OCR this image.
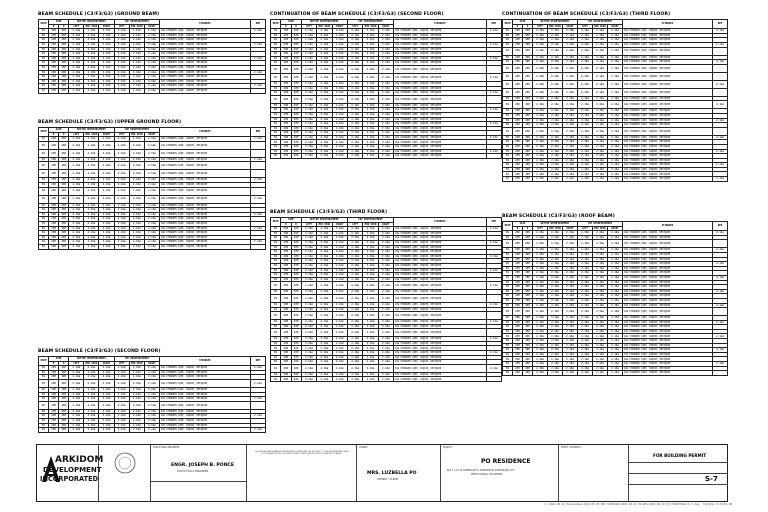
BEAM SCHEDULE (C3/F3/G3) (GROUND BEAM)
BEAM	SIZE		BOTTOM REINFORCEMENT			TOP REINFORCEMENT			STIRRUPS	REM
	B	D	LEFT	MID SPAN	RIGHT	LEFT	MID SPAN	RIGHT		
B1	200	400	2-16ø	2-16ø	2-16ø	2-16ø	2-16ø	2-16ø	10ø STIRRUPS 1@50, 10@100, REST@200	2-12ø
B1	200	400	2-16ø	2-16ø	2-16ø	2-16ø	2-16ø	2-16ø	10ø STIRRUPS 1@50, 10@100, REST@200	
B1	200	400	2-16ø	2-16ø	2-16ø	2-16ø	2-16ø	2-16ø	10ø STIRRUPS 1@50, 10@100, REST@200	
B1	200	400	2-16ø	2-16ø	2-16ø	2-16ø	2-16ø	2-16ø	10ø STIRRUPS 1@50, 10@100, REST@200	2-12ø
B1	200	400	2-16ø	2-16ø	2-16ø	2-16ø	2-16ø	2-16ø	10ø STIRRUPS 1@50, 10@100, REST@200	
B1	200	400	2-16ø	2-16ø	2-16ø	2-16ø	2-16ø	2-16ø	10ø STIRRUPS 1@50, 10@100, REST@200	
B1	200	400	2-16ø	2-16ø	2-16ø	2-16ø	2-16ø	2-16ø	10ø STIRRUPS 1@50, 10@100, REST@200	2-12ø
B1	200	400	2-16ø	2-16ø	2-16ø	2-16ø	2-16ø	2-16ø	10ø STIRRUPS 1@50, 10@100, REST@200	
B1	200	400	2-16ø	2-16ø	2-16ø	2-16ø	2-16ø	2-16ø	10ø STIRRUPS 1@50, 10@100, REST@200	
B1	200	400	2-16ø	2-16ø	2-16ø	2-16ø	2-16ø	2-16ø	10ø STIRRUPS 1@50, 10@100, REST@200	2-12ø
B1	200	400	2-16ø	2-16ø	2-16ø	2-16ø	2-16ø	2-16ø	10ø STIRRUPS 1@50, 10@100, REST@200	
B1	200	400	2-16ø	2-16ø	2-16ø	2-16ø	2-16ø	2-16ø	10ø STIRRUPS 1@50, 10@100, REST@200	
B1	200	400	2-16ø	2-16ø	2-16ø	2-16ø	2-16ø	2-16ø	10ø STIRRUPS 1@50, 10@100, REST@200	2-12ø
B1	200	400	2-16ø	2-16ø	2-16ø	2-16ø	2-16ø	2-16ø	10ø STIRRUPS 1@50, 10@100, REST@200	
BEAM SCHEDULE (C3/F3/G3) (UPPER GROUND FLOOR)
BEAM	SIZE		BOTTOM REINFORCEMENT			TOP REINFORCEMENT			STIRRUPS	REM
	B	D	LEFT	MID SPAN	RIGHT	LEFT	MID SPAN	RIGHT		
B1	200	400	2-16ø	2-16ø	2-16ø	2-16ø	2-16ø	2-16ø	10ø STIRRUPS 1@50, 10@100, REST@200	2-12ø
B1	200	400	2-16ø	2-16ø	2-16ø	2-16ø	2-16ø	2-16ø	10ø STIRRUPS 1@50, 10@100, REST@200	
B1	200	400	2-16ø	2-16ø	2-16ø	2-16ø	2-16ø	2-16ø	10ø STIRRUPS 1@50, 10@100, REST@200	
B1	200	400	2-16ø	2-16ø	2-16ø	2-16ø	2-16ø	2-16ø	10ø STIRRUPS 1@50, 10@100, REST@200	2-12ø
B1	200	400	2-16ø	2-16ø	2-16ø	2-16ø	2-16ø	2-16ø	10ø STIRRUPS 1@50, 10@100, REST@200	
B1	200	400	2-16ø	2-16ø	2-16ø	2-16ø	2-16ø	2-16ø	10ø STIRRUPS 1@50, 10@100, REST@200	
B1	200	400	2-16ø	2-16ø	2-16ø	2-16ø	2-16ø	2-16ø	10ø STIRRUPS 1@50, 10@100, REST@200	2-12ø
B1	200	400	2-16ø	2-16ø	2-16ø	2-16ø	2-16ø	2-16ø	10ø STIRRUPS 1@50, 10@100, REST@200	
B1	200	400	2-16ø	2-16ø	2-16ø	2-16ø	2-16ø	2-16ø	10ø STIRRUPS 1@50, 10@100, REST@200	
B1	200	400	2-16ø	2-16ø	2-16ø	2-16ø	2-16ø	2-16ø	10ø STIRRUPS 1@50, 10@100, REST@200	2-12ø
B1	200	400	2-16ø	2-16ø	2-16ø	2-16ø	2-16ø	2-16ø	10ø STIRRUPS 1@50, 10@100, REST@200	
B1	200	400	2-16ø	2-16ø	2-16ø	2-16ø	2-16ø	2-16ø	10ø STIRRUPS 1@50, 10@100, REST@200	
B1	200	400	2-16ø	2-16ø	2-16ø	2-16ø	2-16ø	2-16ø	10ø STIRRUPS 1@50, 10@100, REST@200	2-12ø
B1	200	400	2-16ø	2-16ø	2-16ø	2-16ø	2-16ø	2-16ø	10ø STIRRUPS 1@50, 10@100, REST@200	
B1	200	400	2-16ø	2-16ø	2-16ø	2-16ø	2-16ø	2-16ø	10ø STIRRUPS 1@50, 10@100, REST@200	
B1	200	400	2-16ø	2-16ø	2-16ø	2-16ø	2-16ø	2-16ø	10ø STIRRUPS 1@50, 10@100, REST@200	2-12ø
B1	200	400	2-16ø	2-16ø	2-16ø	2-16ø	2-16ø	2-16ø	10ø STIRRUPS 1@50, 10@100, REST@200	
B1	200	400	2-16ø	2-16ø	2-16ø	2-16ø	2-16ø	2-16ø	10ø STIRRUPS 1@50, 10@100, REST@200	
B1	200	400	2-16ø	2-16ø	2-16ø	2-16ø	2-16ø	2-16ø	10ø STIRRUPS 1@50, 10@100, REST@200	2-12ø
B1	200	400	2-16ø	2-16ø	2-16ø	2-16ø	2-16ø	2-16ø	10ø STIRRUPS 1@50, 10@100, REST@200	
BEAM SCHEDULE (C3/F3/G3) (SECOND FLOOR)
BEAM	SIZE		BOTTOM REINFORCEMENT			TOP REINFORCEMENT			STIRRUPS	REM
	B	D	LEFT	MID SPAN	RIGHT	LEFT	MID SPAN	RIGHT		
B1	200	400	2-16ø	2-16ø	2-16ø	2-16ø	2-16ø	2-16ø	10ø STIRRUPS 1@50, 10@100, REST@200	2-12ø
B1	200	400	2-16ø	2-16ø	2-16ø	2-16ø	2-16ø	2-16ø	10ø STIRRUPS 1@50, 10@100, REST@200	
B1	200	400	2-16ø	2-16ø	2-16ø	2-16ø	2-16ø	2-16ø	10ø STIRRUPS 1@50, 10@100, REST@200	
B1	200	400	2-16ø	2-16ø	2-16ø	2-16ø	2-16ø	2-16ø	10ø STIRRUPS 1@50, 10@100, REST@200	2-12ø
B1	200	400	2-16ø	2-16ø	2-16ø	2-16ø	2-16ø	2-16ø	10ø STIRRUPS 1@50, 10@100, REST@200	
B1	200	400	2-16ø	2-16ø	2-16ø	2-16ø	2-16ø	2-16ø	10ø STIRRUPS 1@50, 10@100, REST@200	
B1	200	400	2-16ø	2-16ø	2-16ø	2-16ø	2-16ø	2-16ø	10ø STIRRUPS 1@50, 10@100, REST@200	2-12ø
B1	200	400	2-16ø	2-16ø	2-16ø	2-16ø	2-16ø	2-16ø	10ø STIRRUPS 1@50, 10@100, REST@200	
B1	200	400	2-16ø	2-16ø	2-16ø	2-16ø	2-16ø	2-16ø	10ø STIRRUPS 1@50, 10@100, REST@200	
B1	200	400	2-16ø	2-16ø	2-16ø	2-16ø	2-16ø	2-16ø	10ø STIRRUPS 1@50, 10@100, REST@200	2-12ø
B1	200	400	2-16ø	2-16ø	2-16ø	2-16ø	2-16ø	2-16ø	10ø STIRRUPS 1@50, 10@100, REST@200	
B1	200	400	2-16ø	2-16ø	2-16ø	2-16ø	2-16ø	2-16ø	10ø STIRRUPS 1@50, 10@100, REST@200	
B1	200	400	2-16ø	2-16ø	2-16ø	2-16ø	2-16ø	2-16ø	10ø STIRRUPS 1@50, 10@100, REST@200	2-12ø
CONTINUATION OF BEAM SCHEDULE (C3/F3/G3) (SECOND FLOOR)
BEAM	SIZE		BOTTOM REINFORCEMENT			TOP REINFORCEMENT			STIRRUPS	REM
	B	D	LEFT	MID SPAN	RIGHT	LEFT	MID SPAN	RIGHT		
B1	200	400	2-16ø	2-16ø	2-16ø	2-16ø	2-16ø	2-16ø	10ø STIRRUPS 1@50, 10@100, REST@200	2-12ø
B1	200	400	2-16ø	2-16ø	2-16ø	2-16ø	2-16ø	2-16ø	10ø STIRRUPS 1@50, 10@100, REST@200	
B1	200	400	2-16ø	2-16ø	2-16ø	2-16ø	2-16ø	2-16ø	10ø STIRRUPS 1@50, 10@100, REST@200	
B1	200	400	2-16ø	2-16ø	2-16ø	2-16ø	2-16ø	2-16ø	10ø STIRRUPS 1@50, 10@100, REST@200	2-12ø
B1	200	400	2-16ø	2-16ø	2-16ø	2-16ø	2-16ø	2-16ø	10ø STIRRUPS 1@50, 10@100, REST@200	
B1	200	400	2-16ø	2-16ø	2-16ø	2-16ø	2-16ø	2-16ø	10ø STIRRUPS 1@50, 10@100, REST@200	
B1	200	400	2-16ø	2-16ø	2-16ø	2-16ø	2-16ø	2-16ø	10ø STIRRUPS 1@50, 10@100, REST@200	2-12ø
B1	200	400	2-16ø	2-16ø	2-16ø	2-16ø	2-16ø	2-16ø	10ø STIRRUPS 1@50, 10@100, REST@200	
B1	200	400	2-16ø	2-16ø	2-16ø	2-16ø	2-16ø	2-16ø	10ø STIRRUPS 1@50, 10@100, REST@200	
B1	200	400	2-16ø	2-16ø	2-16ø	2-16ø	2-16ø	2-16ø	10ø STIRRUPS 1@50, 10@100, REST@200	2-12ø
B1	200	400	2-16ø	2-16ø	2-16ø	2-16ø	2-16ø	2-16ø	10ø STIRRUPS 1@50, 10@100, REST@200	
B1	200	400	2-16ø	2-16ø	2-16ø	2-16ø	2-16ø	2-16ø	10ø STIRRUPS 1@50, 10@100, REST@200	
B1	200	400	2-16ø	2-16ø	2-16ø	2-16ø	2-16ø	2-16ø	10ø STIRRUPS 1@50, 10@100, REST@200	2-12ø
B1	200	400	2-16ø	2-16ø	2-16ø	2-16ø	2-16ø	2-16ø	10ø STIRRUPS 1@50, 10@100, REST@200	
B1	200	400	2-16ø	2-16ø	2-16ø	2-16ø	2-16ø	2-16ø	10ø STIRRUPS 1@50, 10@100, REST@200	
B1	200	400	2-16ø	2-16ø	2-16ø	2-16ø	2-16ø	2-16ø	10ø STIRRUPS 1@50, 10@100, REST@200	2-12ø
B1	200	400	2-16ø	2-16ø	2-16ø	2-16ø	2-16ø	2-16ø	10ø STIRRUPS 1@50, 10@100, REST@200	
B1	200	400	2-16ø	2-16ø	2-16ø	2-16ø	2-16ø	2-16ø	10ø STIRRUPS 1@50, 10@100, REST@200	
B1	200	400	2-16ø	2-16ø	2-16ø	2-16ø	2-16ø	2-16ø	10ø STIRRUPS 1@50, 10@100, REST@200	2-12ø
B1	200	400	2-16ø	2-16ø	2-16ø	2-16ø	2-16ø	2-16ø	10ø STIRRUPS 1@50, 10@100, REST@200	
B1	200	400	2-16ø	2-16ø	2-16ø	2-16ø	2-16ø	2-16ø	10ø STIRRUPS 1@50, 10@100, REST@200	
B1	200	400	2-16ø	2-16ø	2-16ø	2-16ø	2-16ø	2-16ø	10ø STIRRUPS 1@50, 10@100, REST@200	2-12ø
B1	200	400	2-16ø	2-16ø	2-16ø	2-16ø	2-16ø	2-16ø	10ø STIRRUPS 1@50, 10@100, REST@200	
B1	200	400	2-16ø	2-16ø	2-16ø	2-16ø	2-16ø	2-16ø	10ø STIRRUPS 1@50, 10@100, REST@200	
B1	200	400	2-16ø	2-16ø	2-16ø	2-16ø	2-16ø	2-16ø	10ø STIRRUPS 1@50, 10@100, REST@200	2-12ø
B1	200	400	2-16ø	2-16ø	2-16ø	2-16ø	2-16ø	2-16ø	10ø STIRRUPS 1@50, 10@100, REST@200	
BEAM SCHEDULE (C3/F3/G3) (THIRD FLOOR)
BEAM	SIZE		BOTTOM REINFORCEMENT			TOP REINFORCEMENT			STIRRUPS	REM
	B	D	LEFT	MID SPAN	RIGHT	LEFT	MID SPAN	RIGHT		
B1	200	400	2-16ø	2-16ø	2-16ø	2-16ø	2-16ø	2-16ø	10ø STIRRUPS 1@50, 10@100, REST@200	2-12ø
B1	200	400	2-16ø	2-16ø	2-16ø	2-16ø	2-16ø	2-16ø	10ø STIRRUPS 1@50, 10@100, REST@200	
B1	200	400	2-16ø	2-16ø	2-16ø	2-16ø	2-16ø	2-16ø	10ø STIRRUPS 1@50, 10@100, REST@200	
B1	200	400	2-16ø	2-16ø	2-16ø	2-16ø	2-16ø	2-16ø	10ø STIRRUPS 1@50, 10@100, REST@200	2-12ø
B1	200	400	2-16ø	2-16ø	2-16ø	2-16ø	2-16ø	2-16ø	10ø STIRRUPS 1@50, 10@100, REST@200	
B1	200	400	2-16ø	2-16ø	2-16ø	2-16ø	2-16ø	2-16ø	10ø STIRRUPS 1@50, 10@100, REST@200	
B1	200	400	2-16ø	2-16ø	2-16ø	2-16ø	2-16ø	2-16ø	10ø STIRRUPS 1@50, 10@100, REST@200	2-12ø
B1	200	400	2-16ø	2-16ø	2-16ø	2-16ø	2-16ø	2-16ø	10ø STIRRUPS 1@50, 10@100, REST@200	
B1	200	400	2-16ø	2-16ø	2-16ø	2-16ø	2-16ø	2-16ø	10ø STIRRUPS 1@50, 10@100, REST@200	
B1	200	400	2-16ø	2-16ø	2-16ø	2-16ø	2-16ø	2-16ø	10ø STIRRUPS 1@50, 10@100, REST@200	2-12ø
B1	200	400	2-16ø	2-16ø	2-16ø	2-16ø	2-16ø	2-16ø	10ø STIRRUPS 1@50, 10@100, REST@200	
B1	200	400	2-16ø	2-16ø	2-16ø	2-16ø	2-16ø	2-16ø	10ø STIRRUPS 1@50, 10@100, REST@200	
B1	200	400	2-16ø	2-16ø	2-16ø	2-16ø	2-16ø	2-16ø	10ø STIRRUPS 1@50, 10@100, REST@200	2-12ø
B1	200	400	2-16ø	2-16ø	2-16ø	2-16ø	2-16ø	2-16ø	10ø STIRRUPS 1@50, 10@100, REST@200	
B1	200	400	2-16ø	2-16ø	2-16ø	2-16ø	2-16ø	2-16ø	10ø STIRRUPS 1@50, 10@100, REST@200	
B1	200	400	2-16ø	2-16ø	2-16ø	2-16ø	2-16ø	2-16ø	10ø STIRRUPS 1@50, 10@100, REST@200	2-12ø
B1	200	400	2-16ø	2-16ø	2-16ø	2-16ø	2-16ø	2-16ø	10ø STIRRUPS 1@50, 10@100, REST@200	
B1	200	400	2-16ø	2-16ø	2-16ø	2-16ø	2-16ø	2-16ø	10ø STIRRUPS 1@50, 10@100, REST@200	
B1	200	400	2-16ø	2-16ø	2-16ø	2-16ø	2-16ø	2-16ø	10ø STIRRUPS 1@50, 10@100, REST@200	2-12ø
B1	200	400	2-16ø	2-16ø	2-16ø	2-16ø	2-16ø	2-16ø	10ø STIRRUPS 1@50, 10@100, REST@200	
B1	200	400	2-16ø	2-16ø	2-16ø	2-16ø	2-16ø	2-16ø	10ø STIRRUPS 1@50, 10@100, REST@200	
B1	200	400	2-16ø	2-16ø	2-16ø	2-16ø	2-16ø	2-16ø	10ø STIRRUPS 1@50, 10@100, REST@200	2-12ø
B1	200	400	2-16ø	2-16ø	2-16ø	2-16ø	2-16ø	2-16ø	10ø STIRRUPS 1@50, 10@100, REST@200	
B1	200	400	2-16ø	2-16ø	2-16ø	2-16ø	2-16ø	2-16ø	10ø STIRRUPS 1@50, 10@100, REST@200	
B1	200	400	2-16ø	2-16ø	2-16ø	2-16ø	2-16ø	2-16ø	10ø STIRRUPS 1@50, 10@100, REST@200	2-12ø
B1	200	400	2-16ø	2-16ø	2-16ø	2-16ø	2-16ø	2-16ø	10ø STIRRUPS 1@50, 10@100, REST@200	
B1	200	400	2-16ø	2-16ø	2-16ø	2-16ø	2-16ø	2-16ø	10ø STIRRUPS 1@50, 10@100, REST@200	
B1	200	400	2-16ø	2-16ø	2-16ø	2-16ø	2-16ø	2-16ø	10ø STIRRUPS 1@50, 10@100, REST@200	2-12ø
B1	200	400	2-16ø	2-16ø	2-16ø	2-16ø	2-16ø	2-16ø	10ø STIRRUPS 1@50, 10@100, REST@200	
B1	200	400	2-16ø	2-16ø	2-16ø	2-16ø	2-16ø	2-16ø	10ø STIRRUPS 1@50, 10@100, REST@200	
CONTINUATION OF BEAM SCHEDULE (C3/F3/G3) (THIRD FLOOR)
BEAM	SIZE		BOTTOM REINFORCEMENT			TOP REINFORCEMENT			STIRRUPS	REM
	B	D	LEFT	MID SPAN	RIGHT	LEFT	MID SPAN	RIGHT		
B1	200	400	2-16ø	2-16ø	2-16ø	2-16ø	2-16ø	2-16ø	10ø STIRRUPS 1@50, 10@100, REST@200	2-12ø
B1	200	400	2-16ø	2-16ø	2-16ø	2-16ø	2-16ø	2-16ø	10ø STIRRUPS 1@50, 10@100, REST@200	
B1	200	400	2-16ø	2-16ø	2-16ø	2-16ø	2-16ø	2-16ø	10ø STIRRUPS 1@50, 10@100, REST@200	
B1	200	400	2-16ø	2-16ø	2-16ø	2-16ø	2-16ø	2-16ø	10ø STIRRUPS 1@50, 10@100, REST@200	2-12ø
B1	200	400	2-16ø	2-16ø	2-16ø	2-16ø	2-16ø	2-16ø	10ø STIRRUPS 1@50, 10@100, REST@200	
B1	200	400	2-16ø	2-16ø	2-16ø	2-16ø	2-16ø	2-16ø	10ø STIRRUPS 1@50, 10@100, REST@200	
B1	200	400	2-16ø	2-16ø	2-16ø	2-16ø	2-16ø	2-16ø	10ø STIRRUPS 1@50, 10@100, REST@200	2-12ø
B1	200	400	2-16ø	2-16ø	2-16ø	2-16ø	2-16ø	2-16ø	10ø STIRRUPS 1@50, 10@100, REST@200	
B1	200	400	2-16ø	2-16ø	2-16ø	2-16ø	2-16ø	2-16ø	10ø STIRRUPS 1@50, 10@100, REST@200	
B1	200	400	2-16ø	2-16ø	2-16ø	2-16ø	2-16ø	2-16ø	10ø STIRRUPS 1@50, 10@100, REST@200	2-12ø
B1	200	400	2-16ø	2-16ø	2-16ø	2-16ø	2-16ø	2-16ø	10ø STIRRUPS 1@50, 10@100, REST@200	
B1	200	400	2-16ø	2-16ø	2-16ø	2-16ø	2-16ø	2-16ø	10ø STIRRUPS 1@50, 10@100, REST@200	
B1	200	400	2-16ø	2-16ø	2-16ø	2-16ø	2-16ø	2-16ø	10ø STIRRUPS 1@50, 10@100, REST@200	2-12ø
B1	200	400	2-16ø	2-16ø	2-16ø	2-16ø	2-16ø	2-16ø	10ø STIRRUPS 1@50, 10@100, REST@200	
B1	200	400	2-16ø	2-16ø	2-16ø	2-16ø	2-16ø	2-16ø	10ø STIRRUPS 1@50, 10@100, REST@200	
B1	200	400	2-16ø	2-16ø	2-16ø	2-16ø	2-16ø	2-16ø	10ø STIRRUPS 1@50, 10@100, REST@200	2-12ø
B1	200	400	2-16ø	2-16ø	2-16ø	2-16ø	2-16ø	2-16ø	10ø STIRRUPS 1@50, 10@100, REST@200	
B1	200	400	2-16ø	2-16ø	2-16ø	2-16ø	2-16ø	2-16ø	10ø STIRRUPS 1@50, 10@100, REST@200	
B1	200	400	2-16ø	2-16ø	2-16ø	2-16ø	2-16ø	2-16ø	10ø STIRRUPS 1@50, 10@100, REST@200	2-12ø
B1	200	400	2-16ø	2-16ø	2-16ø	2-16ø	2-16ø	2-16ø	10ø STIRRUPS 1@50, 10@100, REST@200	
B1	200	400	2-16ø	2-16ø	2-16ø	2-16ø	2-16ø	2-16ø	10ø STIRRUPS 1@50, 10@100, REST@200	
B1	200	400	2-16ø	2-16ø	2-16ø	2-16ø	2-16ø	2-16ø	10ø STIRRUPS 1@50, 10@100, REST@200	2-12ø
B1	200	400	2-16ø	2-16ø	2-16ø	2-16ø	2-16ø	2-16ø	10ø STIRRUPS 1@50, 10@100, REST@200	
B1	200	400	2-16ø	2-16ø	2-16ø	2-16ø	2-16ø	2-16ø	10ø STIRRUPS 1@50, 10@100, REST@200	
B1	200	400	2-16ø	2-16ø	2-16ø	2-16ø	2-16ø	2-16ø	10ø STIRRUPS 1@50, 10@100, REST@200	2-12ø
B1	200	400	2-16ø	2-16ø	2-16ø	2-16ø	2-16ø	2-16ø	10ø STIRRUPS 1@50, 10@100, REST@200	
B1	200	400	2-16ø	2-16ø	2-16ø	2-16ø	2-16ø	2-16ø	10ø STIRRUPS 1@50, 10@100, REST@200	
B1	200	400	2-16ø	2-16ø	2-16ø	2-16ø	2-16ø	2-16ø	10ø STIRRUPS 1@50, 10@100, REST@200	2-12ø
BEAM SCHEDULE (C3/F3/G3) (ROOF BEAM)
BEAM	SIZE		BOTTOM REINFORCEMENT			TOP REINFORCEMENT			STIRRUPS	REM
	B	D	LEFT	MID SPAN	RIGHT	LEFT	MID SPAN	RIGHT		
B1	200	400	2-16ø	2-16ø	2-16ø	2-16ø	2-16ø	2-16ø	10ø STIRRUPS 1@50, 10@100, REST@200	2-12ø
B1	200	400	2-16ø	2-16ø	2-16ø	2-16ø	2-16ø	2-16ø	10ø STIRRUPS 1@50, 10@100, REST@200	
B1	200	400	2-16ø	2-16ø	2-16ø	2-16ø	2-16ø	2-16ø	10ø STIRRUPS 1@50, 10@100, REST@200	
B1	200	400	2-16ø	2-16ø	2-16ø	2-16ø	2-16ø	2-16ø	10ø STIRRUPS 1@50, 10@100, REST@200	2-12ø
B1	200	400	2-16ø	2-16ø	2-16ø	2-16ø	2-16ø	2-16ø	10ø STIRRUPS 1@50, 10@100, REST@200	
B1	200	400	2-16ø	2-16ø	2-16ø	2-16ø	2-16ø	2-16ø	10ø STIRRUPS 1@50, 10@100, REST@200	
B1	200	400	2-16ø	2-16ø	2-16ø	2-16ø	2-16ø	2-16ø	10ø STIRRUPS 1@50, 10@100, REST@200	2-12ø
B1	200	400	2-16ø	2-16ø	2-16ø	2-16ø	2-16ø	2-16ø	10ø STIRRUPS 1@50, 10@100, REST@200	
B1	200	400	2-16ø	2-16ø	2-16ø	2-16ø	2-16ø	2-16ø	10ø STIRRUPS 1@50, 10@100, REST@200	
B1	200	400	2-16ø	2-16ø	2-16ø	2-16ø	2-16ø	2-16ø	10ø STIRRUPS 1@50, 10@100, REST@200	2-12ø
B1	200	400	2-16ø	2-16ø	2-16ø	2-16ø	2-16ø	2-16ø	10ø STIRRUPS 1@50, 10@100, REST@200	
B1	200	400	2-16ø	2-16ø	2-16ø	2-16ø	2-16ø	2-16ø	10ø STIRRUPS 1@50, 10@100, REST@200	
B1	200	400	2-16ø	2-16ø	2-16ø	2-16ø	2-16ø	2-16ø	10ø STIRRUPS 1@50, 10@100, REST@200	2-12ø
B1	200	400	2-16ø	2-16ø	2-16ø	2-16ø	2-16ø	2-16ø	10ø STIRRUPS 1@50, 10@100, REST@200	
B1	200	400	2-16ø	2-16ø	2-16ø	2-16ø	2-16ø	2-16ø	10ø STIRRUPS 1@50, 10@100, REST@200	
B1	200	400	2-16ø	2-16ø	2-16ø	2-16ø	2-16ø	2-16ø	10ø STIRRUPS 1@50, 10@100, REST@200	2-12ø
B1	200	400	2-16ø	2-16ø	2-16ø	2-16ø	2-16ø	2-16ø	10ø STIRRUPS 1@50, 10@100, REST@200	
B1	200	400	2-16ø	2-16ø	2-16ø	2-16ø	2-16ø	2-16ø	10ø STIRRUPS 1@50, 10@100, REST@200	
B1	200	400	2-16ø	2-16ø	2-16ø	2-16ø	2-16ø	2-16ø	10ø STIRRUPS 1@50, 10@100, REST@200	2-12ø
B1	200	400	2-16ø	2-16ø	2-16ø	2-16ø	2-16ø	2-16ø	10ø STIRRUPS 1@50, 10@100, REST@200	
B1	200	400	2-16ø	2-16ø	2-16ø	2-16ø	2-16ø	2-16ø	10ø STIRRUPS 1@50, 10@100, REST@200	
B1	200	400	2-16ø	2-16ø	2-16ø	2-16ø	2-16ø	2-16ø	10ø STIRRUPS 1@50, 10@100, REST@200	2-12ø
B1	200	400	2-16ø	2-16ø	2-16ø	2-16ø	2-16ø	2-16ø	10ø STIRRUPS 1@50, 10@100, REST@200	
B1	200	400	2-16ø	2-16ø	2-16ø	2-16ø	2-16ø	2-16ø	10ø STIRRUPS 1@50, 10@100, REST@200	
B1	200	400	2-16ø	2-16ø	2-16ø	2-16ø	2-16ø	2-16ø	10ø STIRRUPS 1@50, 10@100, REST@200	2-12ø
B1	200	400	2-16ø	2-16ø	2-16ø	2-16ø	2-16ø	2-16ø	10ø STIRRUPS 1@50, 10@100, REST@200	
B1	200	400	2-16ø	2-16ø	2-16ø	2-16ø	2-16ø	2-16ø	10ø STIRRUPS 1@50, 10@100, REST@200	
B1	200	400	2-16ø	2-16ø	2-16ø	2-16ø	2-16ø	2-16ø	10ø STIRRUPS 1@50, 10@100, REST@200	2-12ø
B1	200	400	2-16ø	2-16ø	2-16ø	2-16ø	2-16ø	2-16ø	10ø STIRRUPS 1@50, 10@100, REST@200	
B1	200	400	2-16ø	2-16ø	2-16ø	2-16ø	2-16ø	2-16ø	10ø STIRRUPS 1@50, 10@100, REST@200	
ARKIDOM
DEVELOPMENT
INCORPORATED
STRUCTURAL ENGINEER
ENGR. JOSEPH B. PONCE
STRUCTURAL ENGINEER
THE DESIGNS AND DRAWINGS REPRESENTED HEREIN ARE THE PROPERTY OF THE ENGINEER AND SHALL NOT BE REPRODUCED OR USED FOR ANY OTHER PURPOSE WITHOUT WRITTEN CONSENT.
OWNER
MRS. LUZBELLA PO
OWNER / CLIENT
PROJECT
PO RESIDENCE
BLK 7, LOT 16 AMBERGATE 4, PERMISSION, MUNTINLUPA CITY
METRO MANILA, PHILIPPINES
SHEET CONTENTS
FOR BUILDING PERMIT
S-7
C:\2021\06_16_PoxeDevRes\2021\06-09_RES_STRPLANS\2021-06-16_PO-RES\2021-06-16_PO_STRUCTURAL\S-7.dwg, 7/4/2021 9:04:51 AM
